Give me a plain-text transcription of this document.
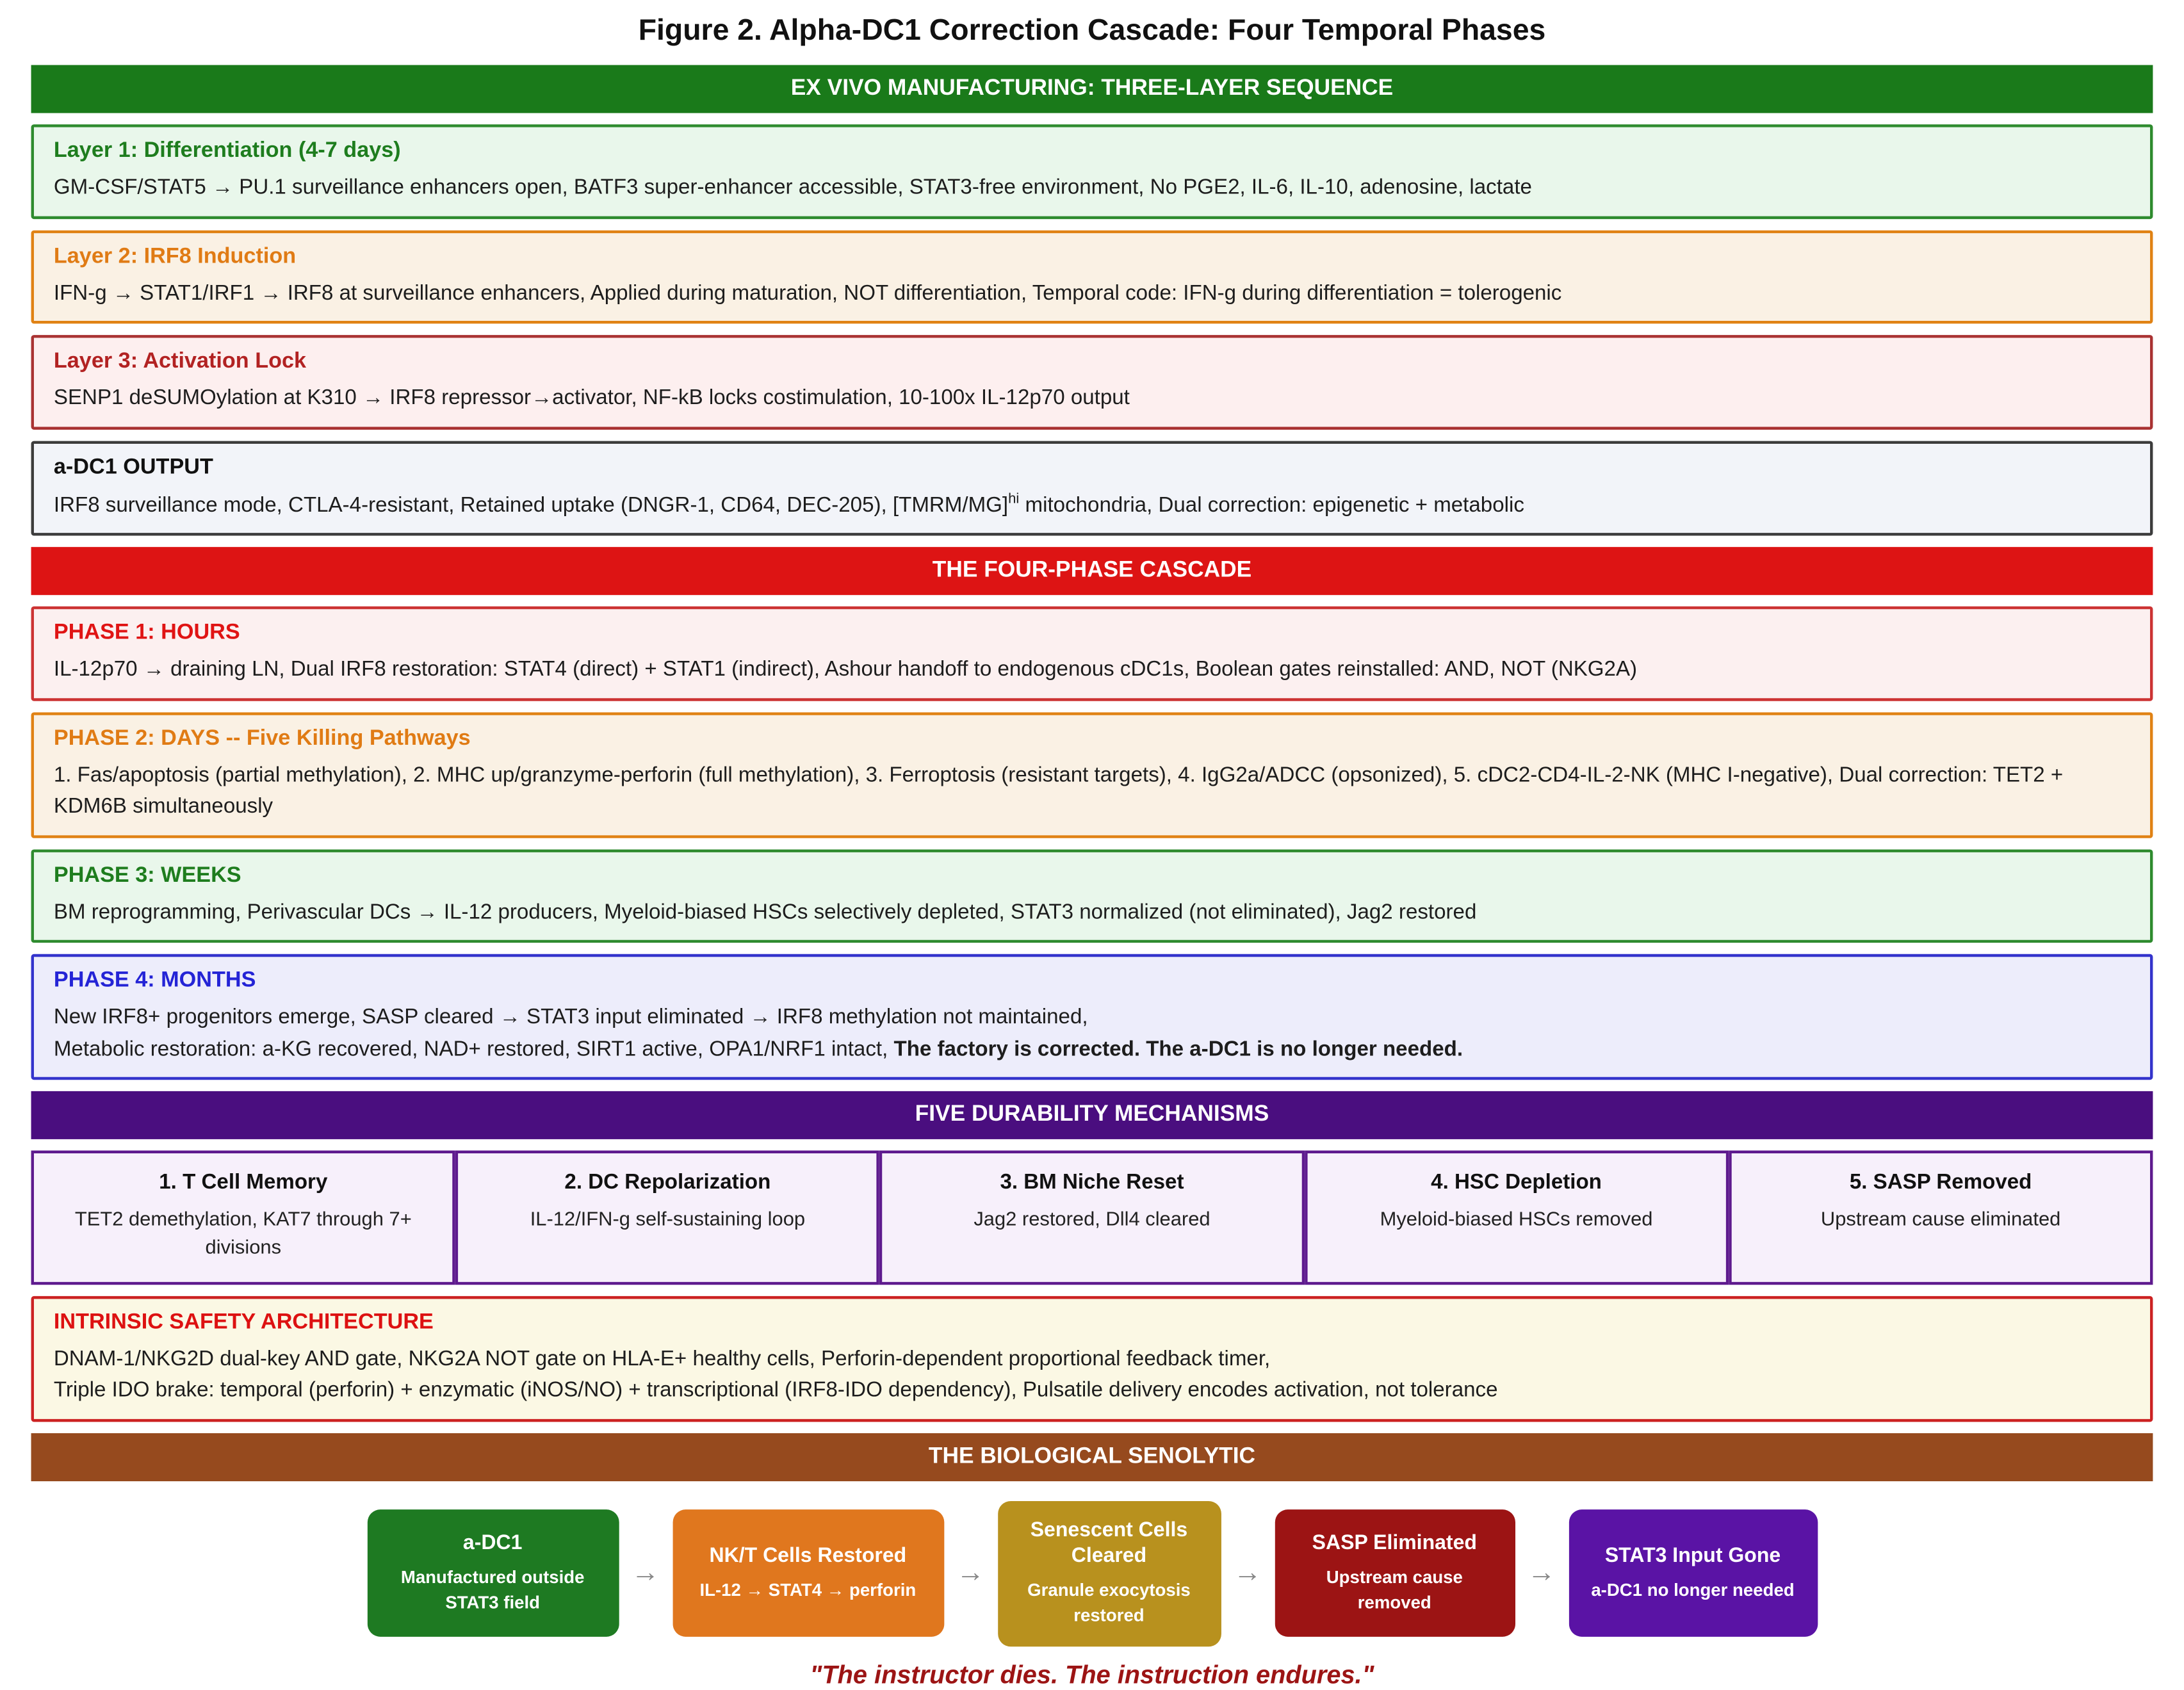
Figure 2. Alpha-DC1 Correction Cascade: Four Temporal Phases
EX VIVO MANUFACTURING: THREE-LAYER SEQUENCE
Layer 1: Differentiation (4-7 days)
GM-CSF/STAT5 → PU.1 surveillance enhancers open, BATF3 super-enhancer accessible, STAT3-free environment, No PGE2, IL-6, IL-10, adenosine, lactate
Layer 2: IRF8 Induction
IFN-g → STAT1/IRF1 → IRF8 at surveillance enhancers, Applied during maturation, NOT differentiation, Temporal code: IFN-g during differentiation = tolerogenic
Layer 3: Activation Lock
SENP1 deSUMOylation at K310 → IRF8 repressor→activator, NF-kB locks costimulation, 10-100x IL-12p70 output
a-DC1 OUTPUT
IRF8 surveillance mode, CTLA-4-resistant, Retained uptake (DNGR-1, CD64, DEC-205), [TMRM/MG]$^{hi}$ mitochondria, Dual correction: epigenetic + metabolic
THE FOUR-PHASE CASCADE
PHASE 1: HOURS
IL-12p70 → draining LN, Dual IRF8 restoration: STAT4 (direct) + STAT1 (indirect), Ashour handoff to endogenous cDC1s, Boolean gates reinstalled: AND, NOT (NKG2A)
PHASE 2: DAYS -- Five Killing Pathways
1. Fas/apoptosis (partial methylation), 2. MHC up/granzyme-perforin (full methylation), 3. Ferroptosis (resistant targets), 4. IgG2a/ADCC (opsonized), 5. cDC2-CD4-IL-2-NK (MHC I-negative), Dual correction: TET2 + KDM6B simultaneously
PHASE 3: WEEKS
BM reprogramming, Perivascular DCs → IL-12 producers, Myeloid-biased HSCs selectively depleted, STAT3 normalized (not eliminated), Jag2 restored
PHASE 4: MONTHS
New IRF8+ progenitors emerge, SASP cleared → STAT3 input eliminated → IRF8 methylation not maintained,
Metabolic restoration: a-KG recovered, NAD+ restored, SIRT1 active, OPA1/NRF1 intact, The factory is corrected. The a-DC1 is no longer needed.
FIVE DURABILITY MECHANISMS
1. T Cell Memory
TET2 demethylation, KAT7 through 7+ divisions
2. DC Repolarization
IL-12/IFN-g self-sustaining loop
3. BM Niche Reset
Jag2 restored, Dll4 cleared
4. HSC Depletion
Myeloid-biased HSCs removed
5. SASP Removed
Upstream cause eliminated
INTRINSIC SAFETY ARCHITECTURE
DNAM-1/NKG2D dual-key AND gate, NKG2A NOT gate on HLA-E+ healthy cells, Perforin-dependent proportional feedback timer,
Triple IDO brake: temporal (perforin) + enzymatic (iNOS/NO) + transcriptional (IRF8-IDO dependency), Pulsatile delivery encodes activation, not tolerance
THE BIOLOGICAL SENOLYTIC
a-DC1
Manufactured outside STAT3 field
→
NK/T Cells Restored
IL-12 → STAT4 → perforin
→
Senescent Cells Cleared
Granule exocytosis restored
→
SASP Eliminated
Upstream cause removed
→
STAT3 Input Gone
a-DC1 no longer needed
"The instructor dies. The instruction endures."
